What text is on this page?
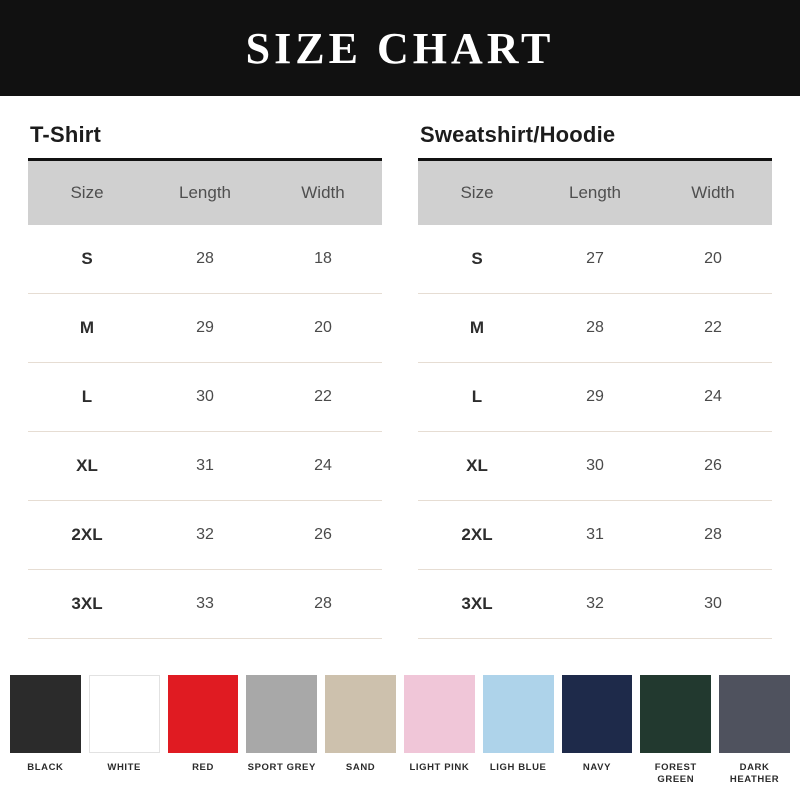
SIZE CHART
T-Shirt
Size	Length	Width
S	28	18
M	29	20
L	30	22
XL	31	24
2XL	32	26
3XL	33	28
Sweatshirt/Hoodie
Size	Length	Width
S	27	20
M	28	22
L	29	24
XL	30	26
2XL	31	28
3XL	32	30
BLACK	WHITE	RED	SPORT GREY	SAND	LIGHT PINK LIGH BLUE	NAVY	FOREST GREEN
DARK HEATHER
